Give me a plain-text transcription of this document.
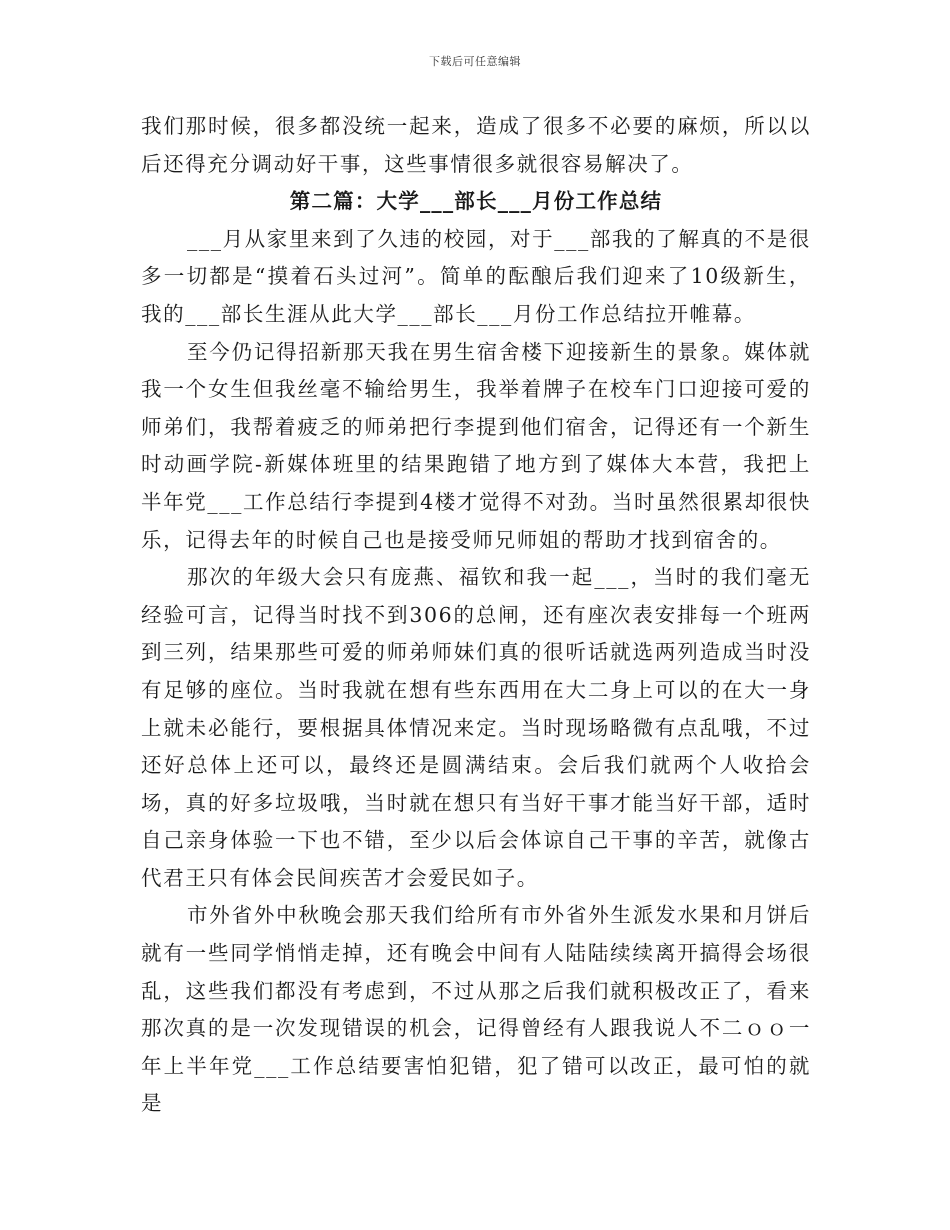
下载后可任意编辑

我们那时候，很多都没统一起来，造成了很多不必要的麻烦，所以以后还得充分调动好干事，这些事情很多就很容易解决了。

第二篇：大学___部长___月份工作总结

___月从家里来到了久违的校园，对于___部我的了解真的不是很多一切都是“摸着石头过河”。简单的酝酿后我们迎来了10级新生，我的___部长生涯从此大学___部长___月份工作总结拉开帷幕。

至今仍记得招新那天我在男生宿舍楼下迎接新生的景象。媒体就我一个女生但我丝毫不输给男生，我举着牌子在校车门口迎接可爱的师弟们，我帮着疲乏的师弟把行李提到他们宿舍，记得还有一个新生时动画学院-新媒体班里的结果跑错了地方到了媒体大本营，我把上半年党___工作总结行李提到4楼才觉得不对劲。当时虽然很累却很快乐，记得去年的时候自己也是接受师兄师姐的帮助才找到宿舍的。

那次的年级大会只有庞燕、福钦和我一起___，当时的我们毫无经验可言，记得当时找不到306的总闸，还有座次表安排每一个班两到三列，结果那些可爱的师弟师妹们真的很听话就选两列造成当时没有足够的座位。当时我就在想有些东西用在大二身上可以的在大一身上就未必能行，要根据具体情况来定。当时现场略微有点乱哦，不过还好总体上还可以，最终还是圆满结束。会后我们就两个人收拾会场，真的好多垃圾哦，当时就在想只有当好干事才能当好干部，适时自己亲身体验一下也不错，至少以后会体谅自己干事的辛苦，就像古代君王只有体会民间疾苦才会爱民如子。

市外省外中秋晚会那天我们给所有市外省外生派发水果和月饼后就有一些同学悄悄走掉，还有晚会中间有人陆陆续续离开搞得会场很乱，这些我们都没有考虑到，不过从那之后我们就积极改正了，看来那次真的是一次发现错误的机会，记得曾经有人跟我说人不二ｏｏ一年上半年党___工作总结要害怕犯错，犯了错可以改正，最可怕的就是
